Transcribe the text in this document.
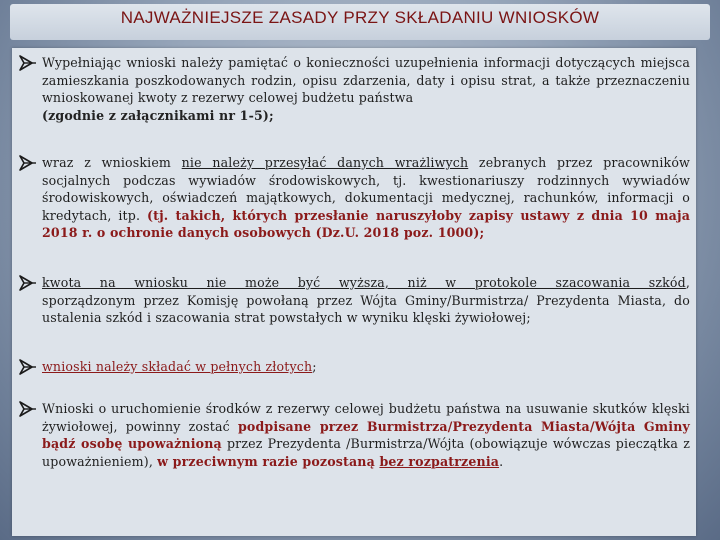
NAJWAŻNIEJSZE ZASADY PRZY SKŁADANIU WNIOSKÓW
Wypełniając wnioski należy pamiętać o konieczności uzupełnienia informacji dotyczących miejsca zamieszkania poszkodowanych rodzin, opisu zdarzenia, daty i opisu strat, a także przeznaczeniu wnioskowanej kwoty z rezerwy celowej budżetu państwa
(zgodnie z załącznikami nr 1-5);
wraz z wnioskiem nie należy przesyłać danych wrażliwych zebranych przez pracowników socjalnych podczas wywiadów środowiskowych, tj. kwestionariuszy rodzinnych wywiadów środowiskowych, oświadczeń majątkowych, dokumentacji medycznej, rachunków, informacji o kredytach, itp. (tj. takich, których przesłanie naruszyłoby zapisy ustawy z dnia 10 maja 2018 r. o ochronie danych osobowych (Dz.U. 2018 poz. 1000);
kwota na wniosku nie może być wyższa, niż w protokole szacowania szkód, sporządzonym przez Komisję powołaną przez Wójta Gminy/Burmistrza/ Prezydenta Miasta, do ustalenia szkód i szacowania strat powstałych w wyniku klęski żywiołowej;
wnioski należy składać w pełnych złotych;
Wnioski o uruchomienie środków z rezerwy celowej budżetu państwa na usuwanie skutków klęski żywiołowej, powinny zostać podpisane przez Burmistrza/Prezydenta Miasta/Wójta Gminy bądź osobę upoważnioną przez Prezydenta /Burmistrza/Wójta (obowiązuje wówczas pieczątka z upoważnieniem), w przeciwnym razie pozostaną bez rozpatrzenia.
